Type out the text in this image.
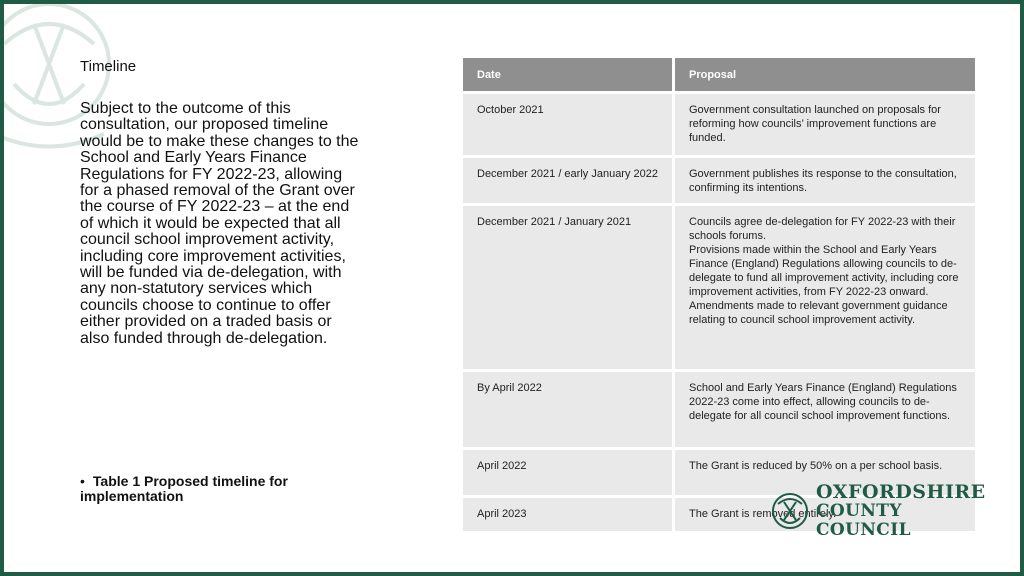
Timeline

Subject to the outcome of this consultation, our proposed timeline would be to make these changes to the School and Early Years Finance Regulations for FY 2022-23, allowing for a phased removal of the Grant over the course of FY 2022-23 – at the end of which it would be expected that all council school improvement activity, including core improvement activities, will be funded via de-delegation, with any non-statutory services which councils choose to continue to offer either provided on a traded basis or also funded through de-delegation.

• Table 1 Proposed timeline for implementation
Date	Proposal
October 2021	Government consultation launched on proposals for reforming how councils’ improvement functions are funded.
December 2021 / early January 2022	Government publishes its response to the consultation, confirming its intentions.
December 2021 / January 2021	Councils agree de-delegation for FY 2022-23 with their schools forums.
Provisions made within the School and Early Years Finance (England) Regulations allowing councils to de-delegate to fund all improvement activity, including core improvement activities, from FY 2022-23 onward.
Amendments made to relevant government guidance relating to council school improvement activity.
By April 2022	School and Early Years Finance (England) Regulations 2022-23 come into effect, allowing councils to de-delegate for all council school improvement functions.
April 2022	The Grant is reduced by 50% on a per school basis.
April 2023	The Grant is removed entirely.
OXFORDSHIRE
COUNTY COUNCIL
